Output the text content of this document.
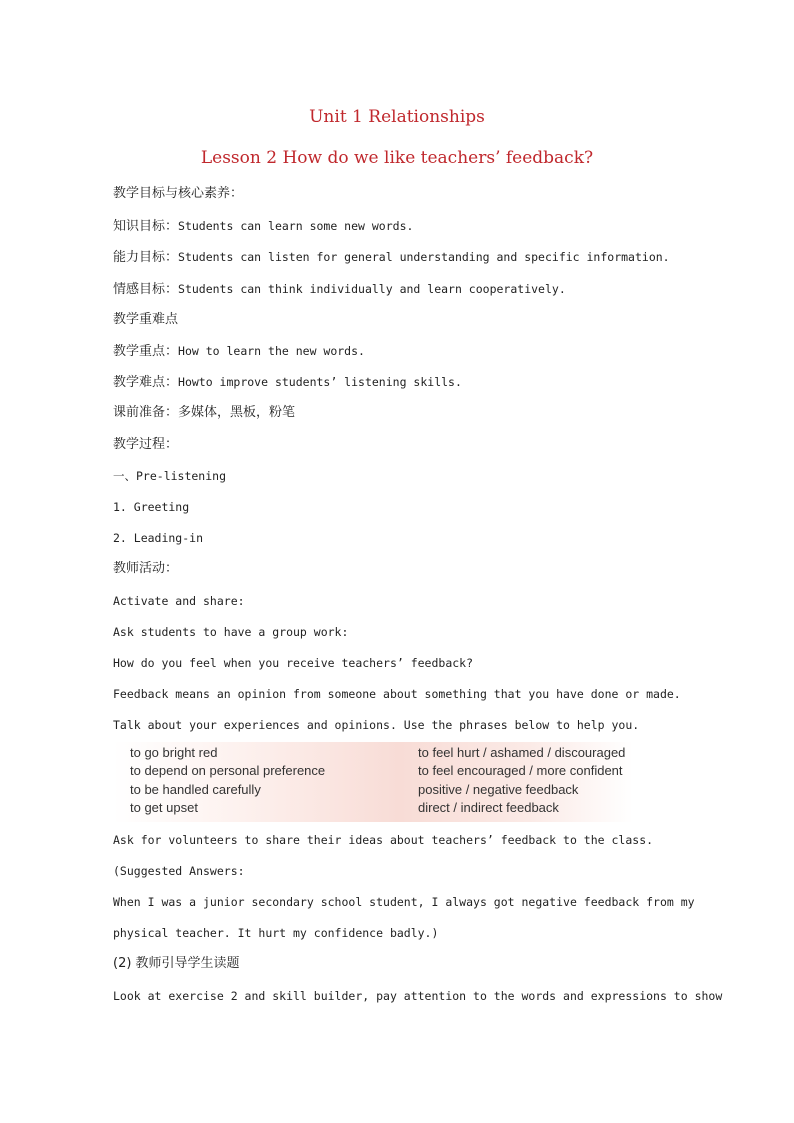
Unit 1 Relationships
Lesson 2 How do we like teachers’ feedback?
教学目标与核心素养：
知识目标：Students can learn some new words.
能力目标：Students can listen for general understanding and specific information.
情感目标：Students can think individually and learn cooperatively.
教学重难点
教学重点：How to learn the new words.
教学难点：Howto improve students’ listening skills.
课前准备：多媒体，黑板，粉笔
教学过程：
一、Pre-listening
1. Greeting
2. Leading-in
教师活动：
Activate and share:
Ask students to have a group work:
How do you feel when you receive teachers’ feedback?
Feedback means an opinion from someone about something that you have done or made.
Talk about your experiences and opinions. Use the phrases below to help you.
to go bright red
to depend on personal preference
to be handled carefully
to get upset
to feel hurt / ashamed / discouraged
to feel encouraged / more confident
positive / negative feedback
direct / indirect feedback
Ask for volunteers to share their ideas about teachers’ feedback to the class.
(Suggested Answers:
When I was a junior secondary school student, I always got negative feedback from my
physical teacher. It hurt my confidence badly.)
(2) 教师引导学生读题
Look at exercise 2 and skill builder, pay attention to the words and expressions to show
